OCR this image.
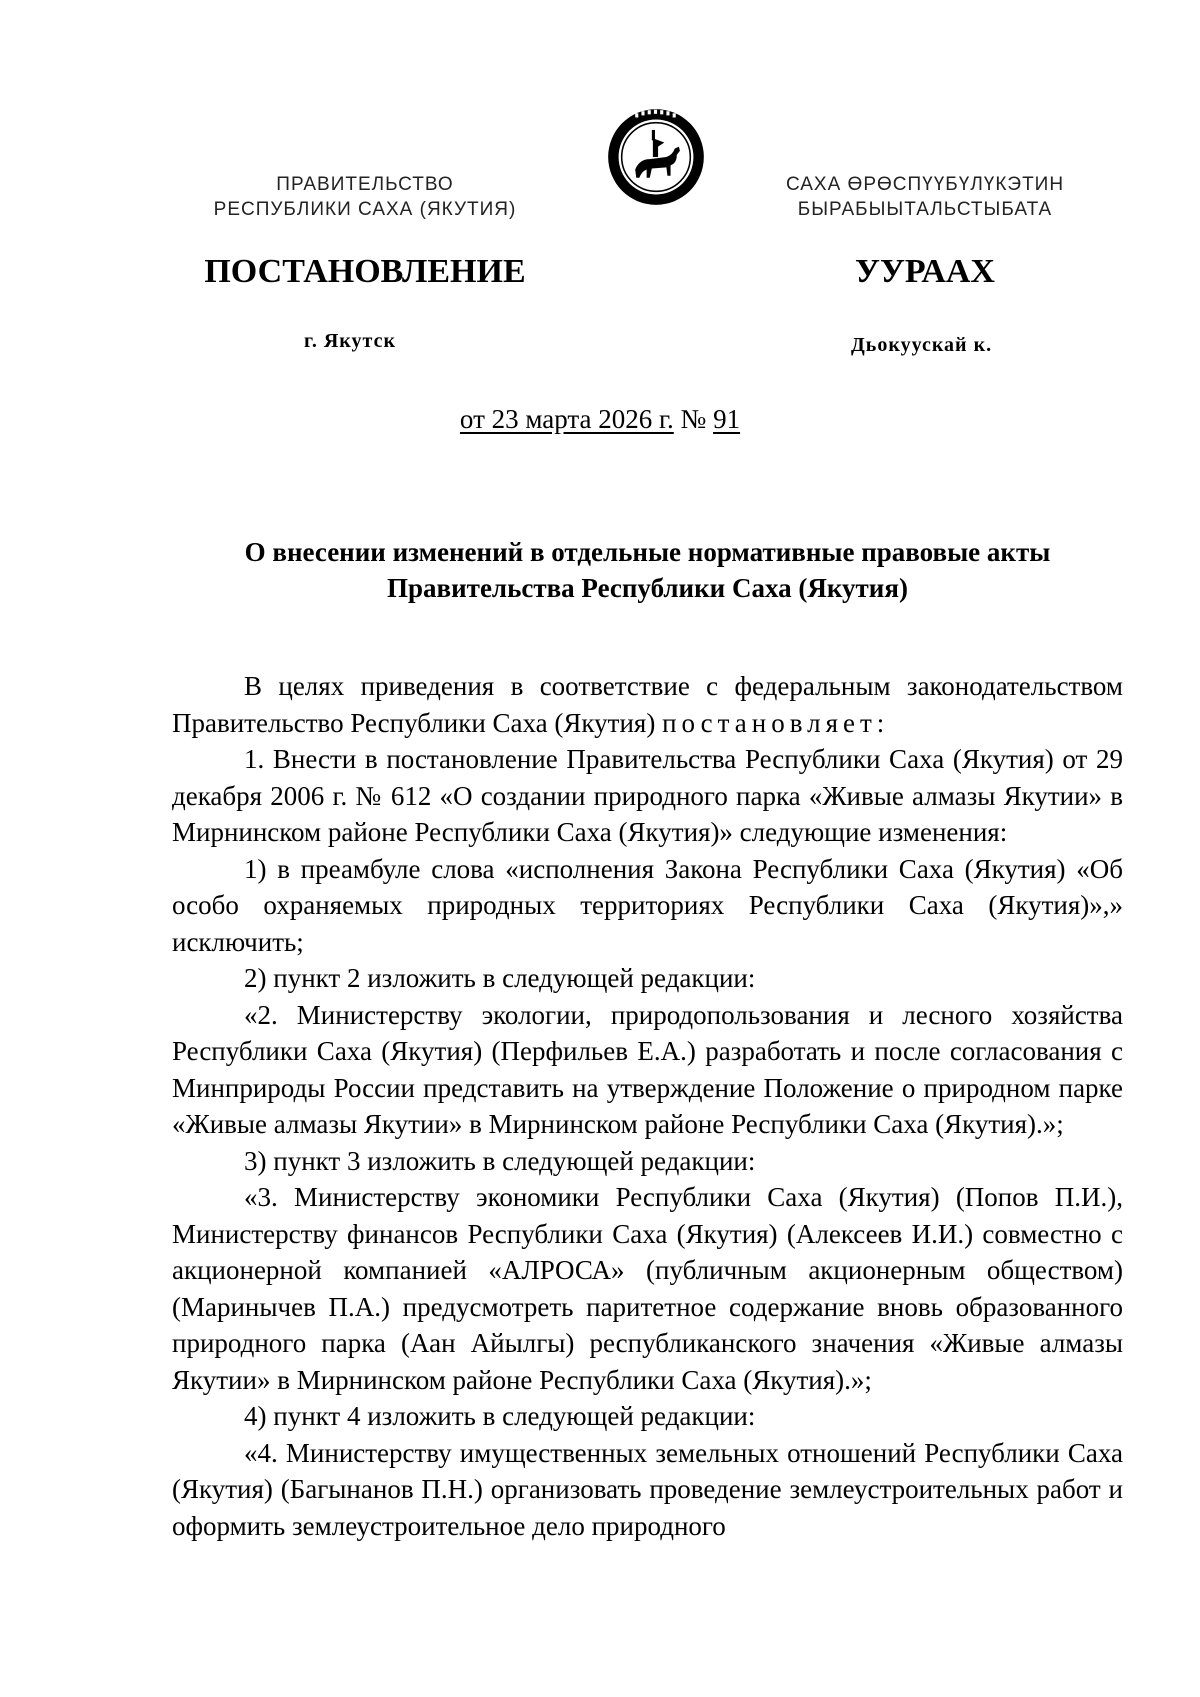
ПРАВИТЕЛЬСТВО
РЕСПУБЛИКИ САХА (ЯКУТИЯ)
САХА ӨРӨСПҮҮБҮЛҮКЭТИН
БЫРАБЫЫТАЛЬСТЫБАТА
ПОСТАНОВЛЕНИЕ	УУРААХ
г. Якутск	Дьокуускай к.
от 23 марта 2026 г. № 91
О внесении изменений в отдельные нормативные правовые акты
Правительства Республики Саха (Якутия)

В целях приведения в соответствие с федеральным законодательством Правительство Республики Саха (Якутия) постановляет:

1. Внести в постановление Правительства Республики Саха (Якутия) от 29 декабря 2006 г. № 612 «О создании природного парка «Живые алмазы Якутии» в Мирнинском районе Республики Саха (Якутия)» следующие изменения:

1) в преамбуле слова «исполнения Закона Республики Саха (Якутия) «Об особо охраняемых природных территориях Республики Саха (Якутия)»,» исключить;

2) пункт 2 изложить в следующей редакции:

«2. Министерству экологии, природопользования и лесного хозяйства Республики Саха (Якутия) (Перфильев Е.А.) разработать и после согласования с Минприроды России представить на утверждение Положение о природном парке «Живые алмазы Якутии» в Мирнинском районе Республики Саха (Якутия).»;

3) пункт 3 изложить в следующей редакции:

«3. Министерству экономики Республики Саха (Якутия) (Попов П.И.), Министерству финансов Республики Саха (Якутия) (Алексеев И.И.) совместно с акционерной компанией «АЛРОСА» (публичным акционерным обществом) (Маринычев П.А.) предусмотреть паритетное содержание вновь образованного природного парка (Аан Айылгы) республиканского значения «Живые алмазы Якутии» в Мирнинском районе Республики Саха (Якутия).»;

4) пункт 4 изложить в следующей редакции:

«4. Министерству имущественных земельных отношений Республики Саха (Якутия) (Багынанов П.Н.) организовать проведение землеустроительных работ и оформить землеустроительное дело природного
